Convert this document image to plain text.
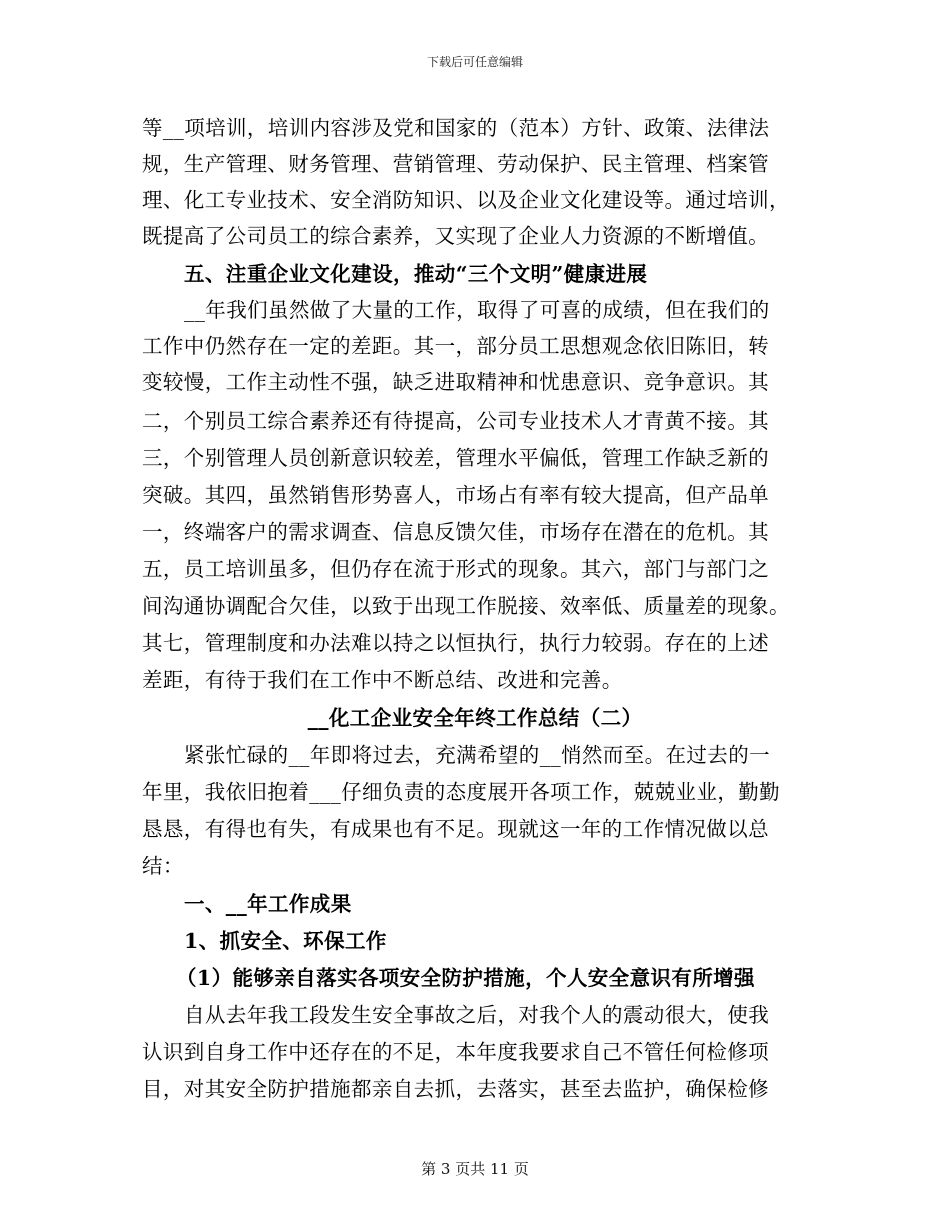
下载后可任意编辑
等__项培训，培训内容涉及党和国家的（范本）方针、政策、法律法
规，生产管理、财务管理、营销管理、劳动保护、民主管理、档案管
理、化工专业技术、安全消防知识、以及企业文化建设等。通过培训，
既提高了公司员工的综合素养，又实现了企业人力资源的不断增值。
五、注重企业文化建设，推动“三个文明”健康进展
__年我们虽然做了大量的工作，取得了可喜的成绩，但在我们的
工作中仍然存在一定的差距。其一，部分员工思想观念依旧陈旧，转
变较慢，工作主动性不强，缺乏进取精神和忧患意识、竞争意识。其
二，个别员工综合素养还有待提高，公司专业技术人才青黄不接。其
三，个别管理人员创新意识较差，管理水平偏低，管理工作缺乏新的
突破。其四，虽然销售形势喜人，市场占有率有较大提高，但产品单
一，终端客户的需求调查、信息反馈欠佳，市场存在潜在的危机。其
五，员工培训虽多，但仍存在流于形式的现象。其六，部门与部门之
间沟通协调配合欠佳，以致于出现工作脱接、效率低、质量差的现象。
其七，管理制度和办法难以持之以恒执行，执行力较弱。存在的上述
差距，有待于我们在工作中不断总结、改进和完善。
__化工企业安全年终工作总结（二）
紧张忙碌的__年即将过去，充满希望的__悄然而至。在过去的一
年里，我依旧抱着___仔细负责的态度展开各项工作，兢兢业业，勤勤
恳恳，有得也有失，有成果也有不足。现就这一年的工作情况做以总
结：
一、__年工作成果
1、抓安全、环保工作
（1）能够亲自落实各项安全防护措施，个人安全意识有所增强
自从去年我工段发生安全事故之后，对我个人的震动很大，使我
认识到自身工作中还存在的不足，本年度我要求自己不管任何检修项
目，对其安全防护措施都亲自去抓，去落实，甚至去监护，确保检修
第 3 页共 11 页
